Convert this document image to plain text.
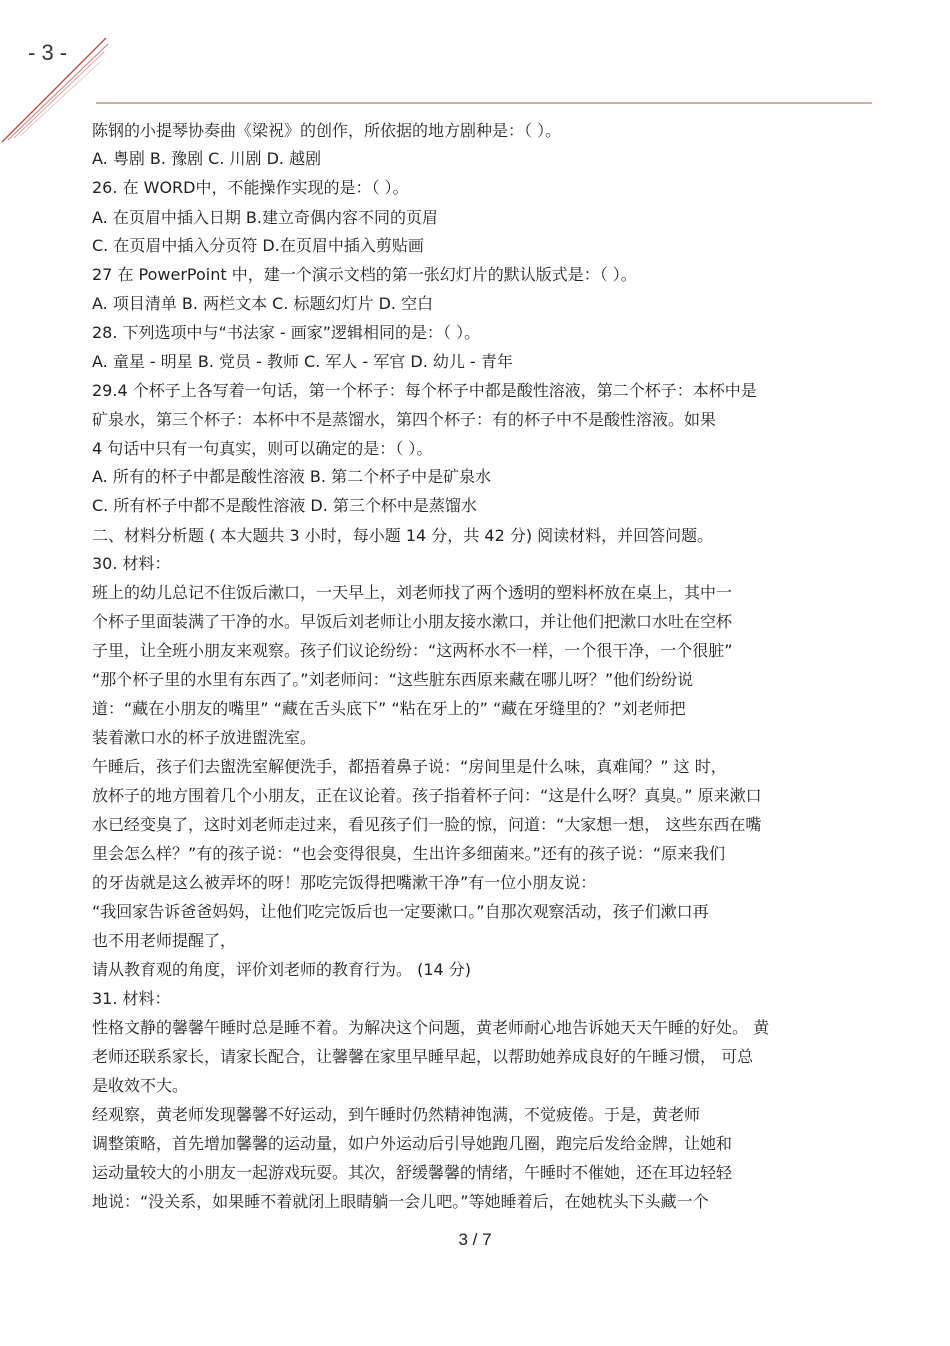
- 3 -
陈钢的小提琴协奏曲《梁祝》的创作，所依据的地方剧种是：（ ）。
A. 粤剧 B. 豫剧 C. 川剧 D. 越剧
26. 在 WORD中，不能操作实现的是：（ ）。
A. 在页眉中插入日期 B.建立奇偶内容不同的页眉
C. 在页眉中插入分页符 D.在页眉中插入剪贴画
27 在 PowerPoint 中，建一个演示文档的第一张幻灯片的默认版式是：（ ）。
A. 项目清单 B. 两栏文本 C. 标题幻灯片 D. 空白
28. 下列选项中与“书法家 - 画家”逻辑相同的是：（ ）。
A. 童星 - 明星 B. 党员 - 教师 C. 军人 - 军官 D. 幼儿 - 青年
29.4 个杯子上各写着一句话，第一个杯子：每个杯子中都是酸性溶液，第二个杯子：本杯中是
矿泉水，第三个杯子：本杯中不是蒸馏水，第四个杯子：有的杯子中不是酸性溶液。如果
4 句话中只有一句真实，则可以确定的是：（ ）。
A. 所有的杯子中都是酸性溶液 B. 第二个杯子中是矿泉水
C. 所有杯子中都不是酸性溶液 D. 第三个杯中是蒸馏水
二、材料分析题 ( 本大题共 3 小时，每小题 14 分，共 42 分) 阅读材料，并回答问题。
30. 材料：
班上的幼儿总记不住饭后漱口，一天早上，刘老师找了两个透明的塑料杯放在桌上，其中一
个杯子里面装满了干净的水。早饭后刘老师让小朋友接水漱口，并让他们把漱口水吐在空杯
子里，让全班小朋友来观察。孩子们议论纷纷：“这两杯水不一样，一个很干净，一个很脏”
“那个杯子里的水里有东西了。”刘老师问：“这些脏东西原来藏在哪儿呀？”他们纷纷说
道：“藏在小朋友的嘴里” “藏在舌头底下” “粘在牙上的” “藏在牙缝里的？”刘老师把
装着漱口水的杯子放进盥洗室。
午睡后，孩子们去盥洗室解便洗手，都捂着鼻子说：“房间里是什么味，真难闻？” 这 时，
放杯子的地方围着几个小朋友，正在议论着。孩子指着杯子问：“这是什么呀？真臭。” 原来漱口
水已经变臭了，这时刘老师走过来，看见孩子们一脸的惊，问道：“大家想一想， 这些东西在嘴
里会怎么样？”有的孩子说：“也会变得很臭，生出许多细菌来。”还有的孩子说：“原来我们
的牙齿就是这么被弄坏的呀！那吃完饭得把嘴漱干净”有一位小朋友说：
“我回家告诉爸爸妈妈，让他们吃完饭后也一定要漱口。”自那次观察活动，孩子们漱口再
也不用老师提醒了，
请从教育观的角度，评价刘老师的教育行为。 (14 分)
31. 材料：
性格文静的馨馨午睡时总是睡不着。为解决这个问题，黄老师耐心地告诉她天天午睡的好处。 黄
老师还联系家长，请家长配合，让馨馨在家里早睡早起，以帮助她养成良好的午睡习惯， 可总
是收效不大。
经观察，黄老师发现馨馨不好运动，到午睡时仍然精神饱满，不觉疲倦。于是，黄老师
调整策略，首先增加馨馨的运动量，如户外运动后引导她跑几圈，跑完后发给金牌，让她和
运动量较大的小朋友一起游戏玩耍。其次，舒缓馨馨的情绪，午睡时不催她，还在耳边轻轻
地说：“没关系，如果睡不着就闭上眼睛躺一会儿吧。”等她睡着后，在她枕头下头藏一个
3 / 7
